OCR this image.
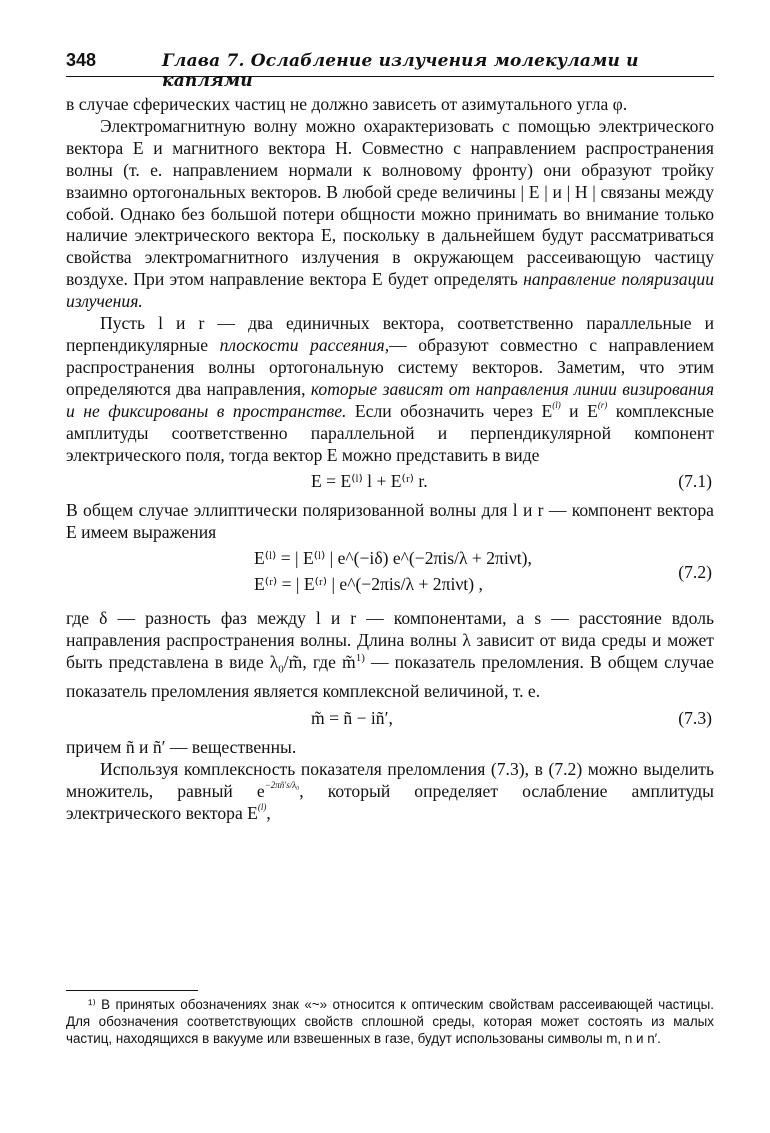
348	Глава 7. Ослабление излучения молекулами и каплями

в случае сферических частиц не должно зависеть от азимутального угла φ.

Электромагнитную волну можно охарактеризовать с помощью электрического вектора E и магнитного вектора H. Совместно с направлением распространения волны (т. е. направлением нормали к волновому фронту) они образуют тройку взаимно ортогональных векторов. В любой среде величины | E | и | H | связаны между собой. Однако без большой потери общности можно принимать во внимание только наличие электрического вектора E, поскольку в дальнейшем будут рассматриваться свойства электромагнитного излучения в окружающем рассеивающую частицу воздухе. При этом направление вектора E будет определять направление поляризации излучения.

Пусть l и r — два единичных вектора, соответственно параллельные и перпендикулярные плоскости рассеяния,— образуют совместно с направлением распространения волны ортогональную систему векторов. Заметим, что этим определяются два направления, которые зависят от направления линии визирования и не фиксированы в пространстве. Если обозначить через $E^{(l)}$ и $E^{(r)}$ комплексные амплитуды соответственно параллельной и перпендикулярной компонент электрического поля, тогда вектор E можно представить в виде

E = E⁽ˡ⁾ l + E⁽ʳ⁾ r.	(7.1)

В общем случае эллиптически поляризованной волны для l и r — компонент вектора E имеем выражения

E⁽ˡ⁾ = | E⁽ˡ⁾ | e^(−iδ) e^(−2πis/λ + 2πiνt),
E⁽ʳ⁾ = | E⁽ʳ⁾ | e^(−2πis/λ + 2πiνt) ,
(7.2)

где δ — разность фаз между l и r — компонентами, а s — расстояние вдоль направления распространения волны. Длина волны λ зависит от вида среды и может быть представлена в виде $\lambda_0/m̃$, где m̃$^{1)}$ — показатель преломления. В общем случае показатель преломления является комплексной величиной, т. е.

m̃ = ñ − iñ′,	(7.3)

причем ñ и ñ′ — вещественны.

Используя комплексность показателя преломления (7.3), в (7.2) можно выделить множитель, равный $e^{-2\pi ñ's/\lambda_0}$, который определяет ослабление амплитуды электрического вектора $E^{(l)}$,

¹⁾ В принятых обозначениях знак «~» относится к оптическим свойствам рассеивающей частицы. Для обозначения соответствующих свойств сплошной среды, которая может состоять из малых частиц, находящихся в вакууме или взвешенных в газе, будут использованы символы m, n и n′.
